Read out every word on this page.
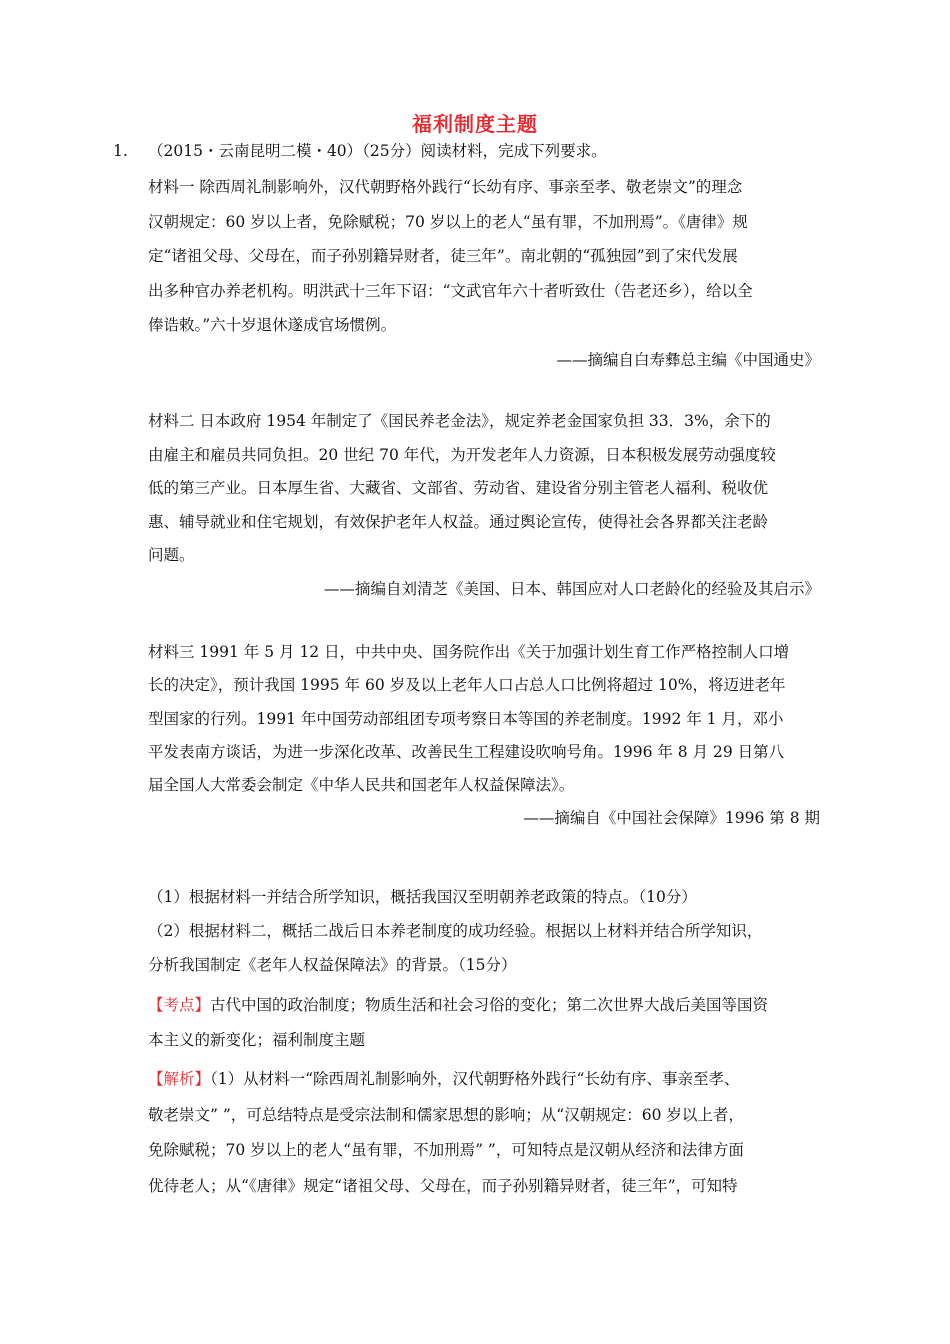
福利制度主题
1. （2015・云南昆明二模・40）（25分）阅读材料，完成下列要求。
材料一 除西周礼制影响外，汉代朝野格外践行“长幼有序、事亲至孝、敬老崇文”的理念
汉朝规定：60 岁以上者，免除赋税；70 岁以上的老人“虽有罪，不加刑焉”。《唐律》规
定“诸祖父母、父母在，而子孙别籍异财者，徒三年”。南北朝的“孤独园”到了宋代发展
出多种官办养老机构。明洪武十三年下诏：“文武官年六十者听致仕（告老还乡），给以全
俸诰敕。”六十岁退休遂成官场惯例。
——摘编自白寿彝总主编《中国通史》
材料二 日本政府 1954 年制定了《国民养老金法》，规定养老金国家负担 33．3%，余下的
由雇主和雇员共同负担。20 世纪 70 年代，为开发老年人力资源，日本积极发展劳动强度较
低的第三产业。日本厚生省、大藏省、文部省、劳动省、建设省分别主管老人福利、税收优
惠、辅导就业和住宅规划，有效保护老年人权益。通过舆论宣传，使得社会各界都关注老龄
问题。
——摘编自刘清芝《美国、日本、韩国应对人口老龄化的经验及其启示》
材料三 1991 年 5 月 12 日，中共中央、国务院作出《关于加强计划生育工作严格控制人口增
长的决定》，预计我国 1995 年 60 岁及以上老年人口占总人口比例将超过 10%，将迈进老年
型国家的行列。1991 年中国劳动部组团专项考察日本等国的养老制度。1992 年 1 月，邓小
平发表南方谈话，为进一步深化改革、改善民生工程建设吹响号角。1996 年 8 月 29 日第八
届全国人大常委会制定《中华人民共和国老年人权益保障法》。
——摘编自《中国社会保障》1996 第 8 期
（1）根据材料一并结合所学知识，概括我国汉至明朝养老政策的特点。（10分）
（2）根据材料二，概括二战后日本养老制度的成功经验。根据以上材料并结合所学知识，
分析我国制定《老年人权益保障法》的背景。（15分）
【考点】古代中国的政治制度；物质生活和社会习俗的变化；第二次世界大战后美国等国资
本主义的新变化；福利制度主题
【解析】（1）从材料一“除西周礼制影响外，汉代朝野格外践行“长幼有序、事亲至孝、
敬老崇文” ”，可总结特点是受宗法制和儒家思想的影响；从“汉朝规定：60 岁以上者，
免除赋税；70 岁以上的老人“虽有罪，不加刑焉” ”，可知特点是汉朝从经济和法律方面
优待老人；从“《唐律》规定“诸祖父母、父母在，而子孙别籍异财者，徒三年”，可知特
